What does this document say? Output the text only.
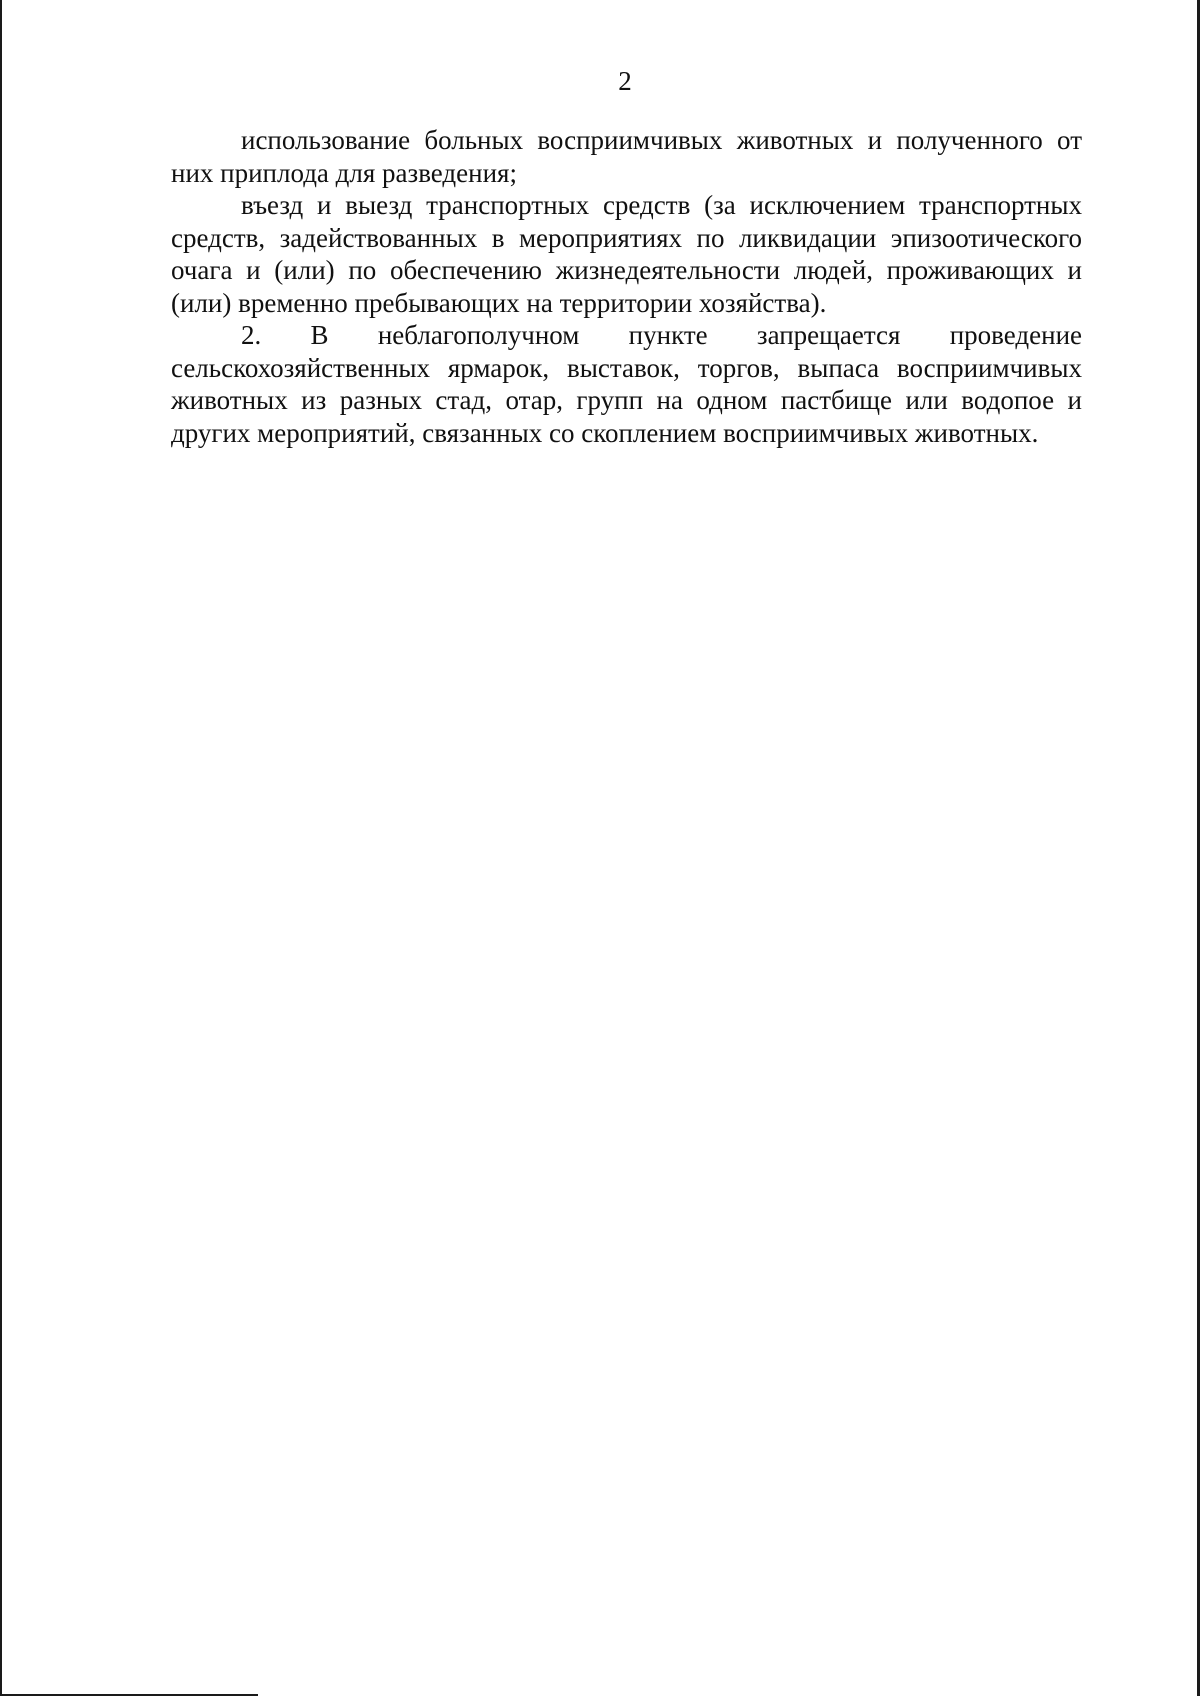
2

использование больных восприимчивых животных и полученного от них приплода для разведения;

въезд и выезд транспортных средств (за исключением транспортных средств, задействованных в мероприятиях по ликвидации эпизоотического очага и (или) по обеспечению жизнедеятельности людей, проживающих и (или) временно пребывающих на территории хозяйства).

2. В неблагополучном пункте запрещается проведение сельскохозяйственных ярмарок, выставок, торгов, выпаса восприимчивых животных из разных стад, отар, групп на одном пастбище или водопое и других мероприятий, связанных со скоплением восприимчивых животных.
